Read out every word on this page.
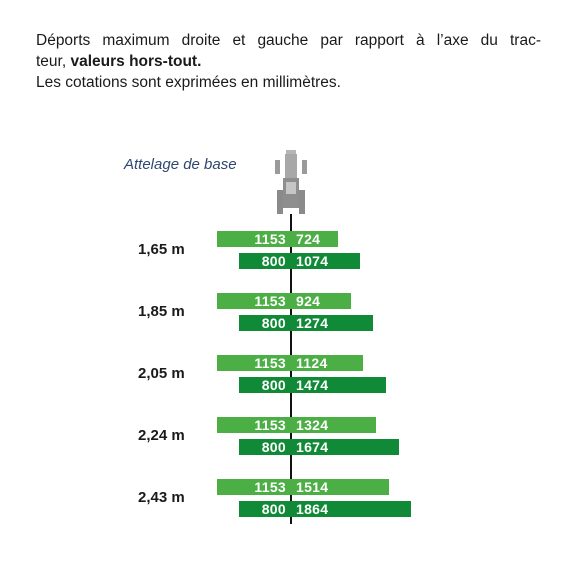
Déports maximum droite et gauche par rapport à l’axe du trac-

teur, valeurs hors-tout.

Les cotations sont exprimées en millimètres.

Attelage de base
1,65 m
1153 724
800 1074
1,85 m
1153 924
800 1274
2,05 m
1153 1124
800 1474
2,24 m
1153 1324
800 1674
2,43 m
1153 1514
800 1864
